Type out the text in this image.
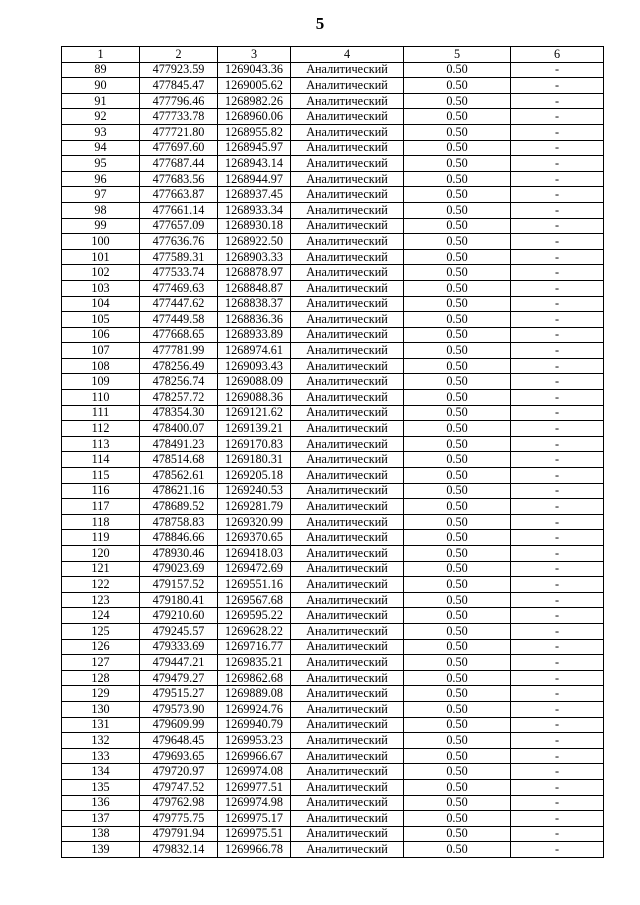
5
1	2	3	4	5	6
89	477923.59	1269043.36	Аналитический	0.50	-
90	477845.47	1269005.62	Аналитический	0.50	-
91	477796.46	1268982.26	Аналитический	0.50	-
92	477733.78	1268960.06	Аналитический	0.50	-
93	477721.80	1268955.82	Аналитический	0.50	-
94	477697.60	1268945.97	Аналитический	0.50	-
95	477687.44	1268943.14	Аналитический	0.50	-
96	477683.56	1268944.97	Аналитический	0.50	-
97	477663.87	1268937.45	Аналитический	0.50	-
98	477661.14	1268933.34	Аналитический	0.50	-
99	477657.09	1268930.18	Аналитический	0.50	-
100	477636.76	1268922.50	Аналитический	0.50	-
101	477589.31	1268903.33	Аналитический	0.50	-
102	477533.74	1268878.97	Аналитический	0.50	-
103	477469.63	1268848.87	Аналитический	0.50	-
104	477447.62	1268838.37	Аналитический	0.50	-
105	477449.58	1268836.36	Аналитический	0.50	-
106	477668.65	1268933.89	Аналитический	0.50	-
107	477781.99	1268974.61	Аналитический	0.50	-
108	478256.49	1269093.43	Аналитический	0.50	-
109	478256.74	1269088.09	Аналитический	0.50	-
110	478257.72	1269088.36	Аналитический	0.50	-
111	478354.30	1269121.62	Аналитический	0.50	-
112	478400.07	1269139.21	Аналитический	0.50	-
113	478491.23	1269170.83	Аналитический	0.50	-
114	478514.68	1269180.31	Аналитический	0.50	-
115	478562.61	1269205.18	Аналитический	0.50	-
116	478621.16	1269240.53	Аналитический	0.50	-
117	478689.52	1269281.79	Аналитический	0.50	-
118	478758.83	1269320.99	Аналитический	0.50	-
119	478846.66	1269370.65	Аналитический	0.50	-
120	478930.46	1269418.03	Аналитический	0.50	-
121	479023.69	1269472.69	Аналитический	0.50	-
122	479157.52	1269551.16	Аналитический	0.50	-
123	479180.41	1269567.68	Аналитический	0.50	-
124	479210.60	1269595.22	Аналитический	0.50	-
125	479245.57	1269628.22	Аналитический	0.50	-
126	479333.69	1269716.77	Аналитический	0.50	-
127	479447.21	1269835.21	Аналитический	0.50	-
128	479479.27	1269862.68	Аналитический	0.50	-
129	479515.27	1269889.08	Аналитический	0.50	-
130	479573.90	1269924.76	Аналитический	0.50	-
131	479609.99	1269940.79	Аналитический	0.50	-
132	479648.45	1269953.23	Аналитический	0.50	-
133	479693.65	1269966.67	Аналитический	0.50	-
134	479720.97	1269974.08	Аналитический	0.50	-
135	479747.52	1269977.51	Аналитический	0.50	-
136	479762.98	1269974.98	Аналитический	0.50	-
137	479775.75	1269975.17	Аналитический	0.50	-
138	479791.94	1269975.51	Аналитический	0.50	-
139	479832.14	1269966.78	Аналитический	0.50	-
